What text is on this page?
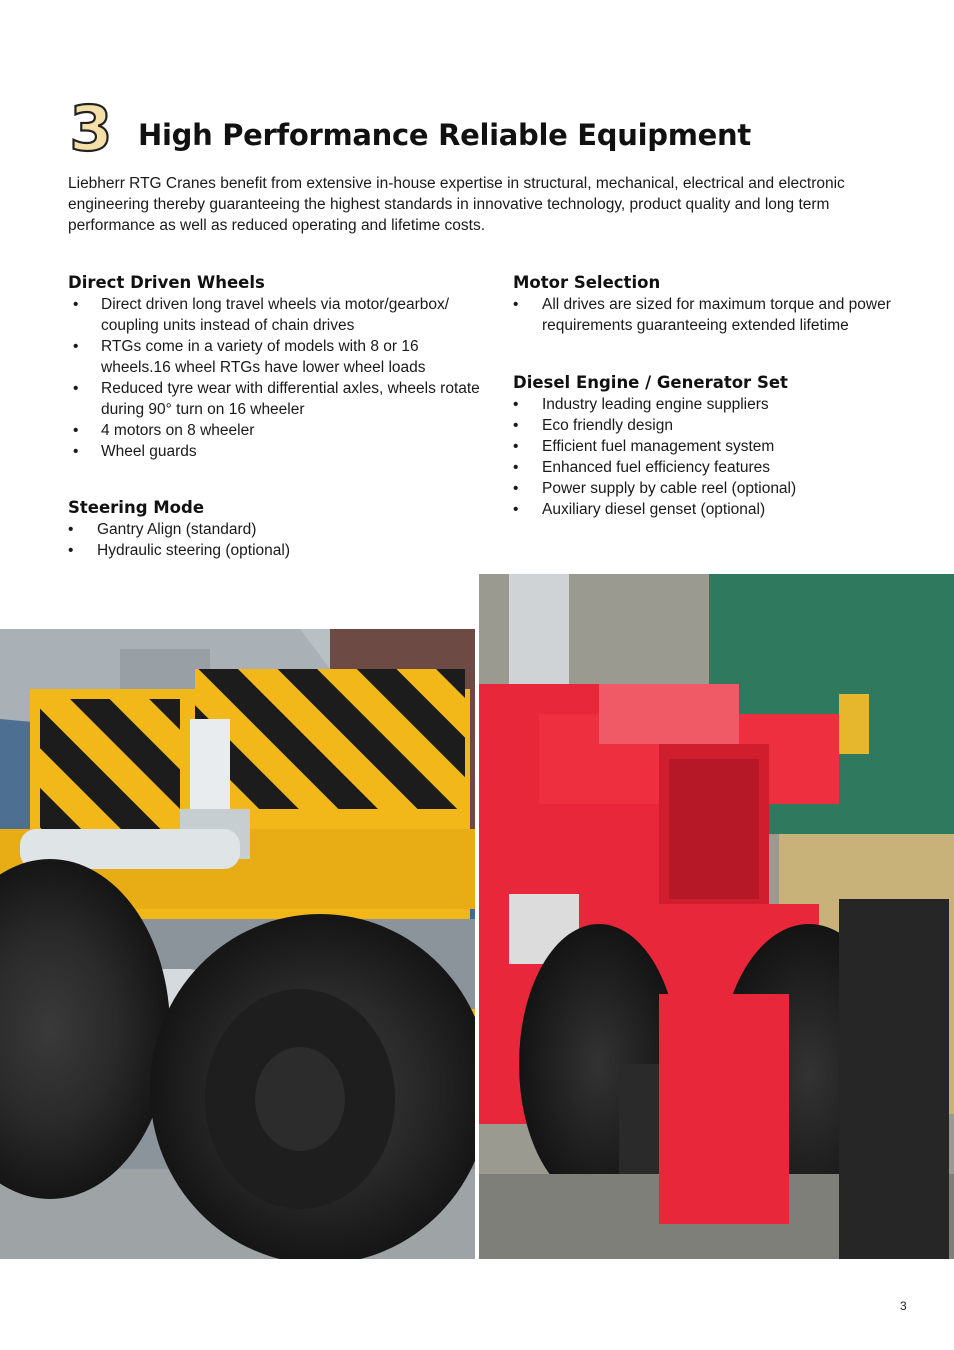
3 High Performance Reliable Equipment

Liebherr RTG Cranes benefit from extensive in-house expertise in structural, mechanical, electrical and electronic engineering thereby guaranteeing the highest standards in innovative technology, product quality and long term performance as well as reduced operating and lifetime costs.

Direct Driven Wheels
• Direct driven long travel wheels via motor/gearbox/ coupling units instead of chain drives
• RTGs come in a variety of models with 8 or 16 wheels.16 wheel RTGs have lower wheel loads
• Reduced tyre wear with differential axles, wheels rotate during 90° turn on 16 wheeler
• 4 motors on 8 wheeler
• Wheel guards
Steering Mode
• Gantry Align (standard)
• Hydraulic steering (optional)
Motor Selection
• All drives are sized for maximum torque and power requirements guaranteeing extended lifetime
Diesel Engine / Generator Set
• Industry leading engine suppliers
• Eco friendly design
• Efficient fuel management system
• Enhanced fuel efficiency features
• Power supply by cable reel (optional)
• Auxiliary diesel genset (optional)
3
